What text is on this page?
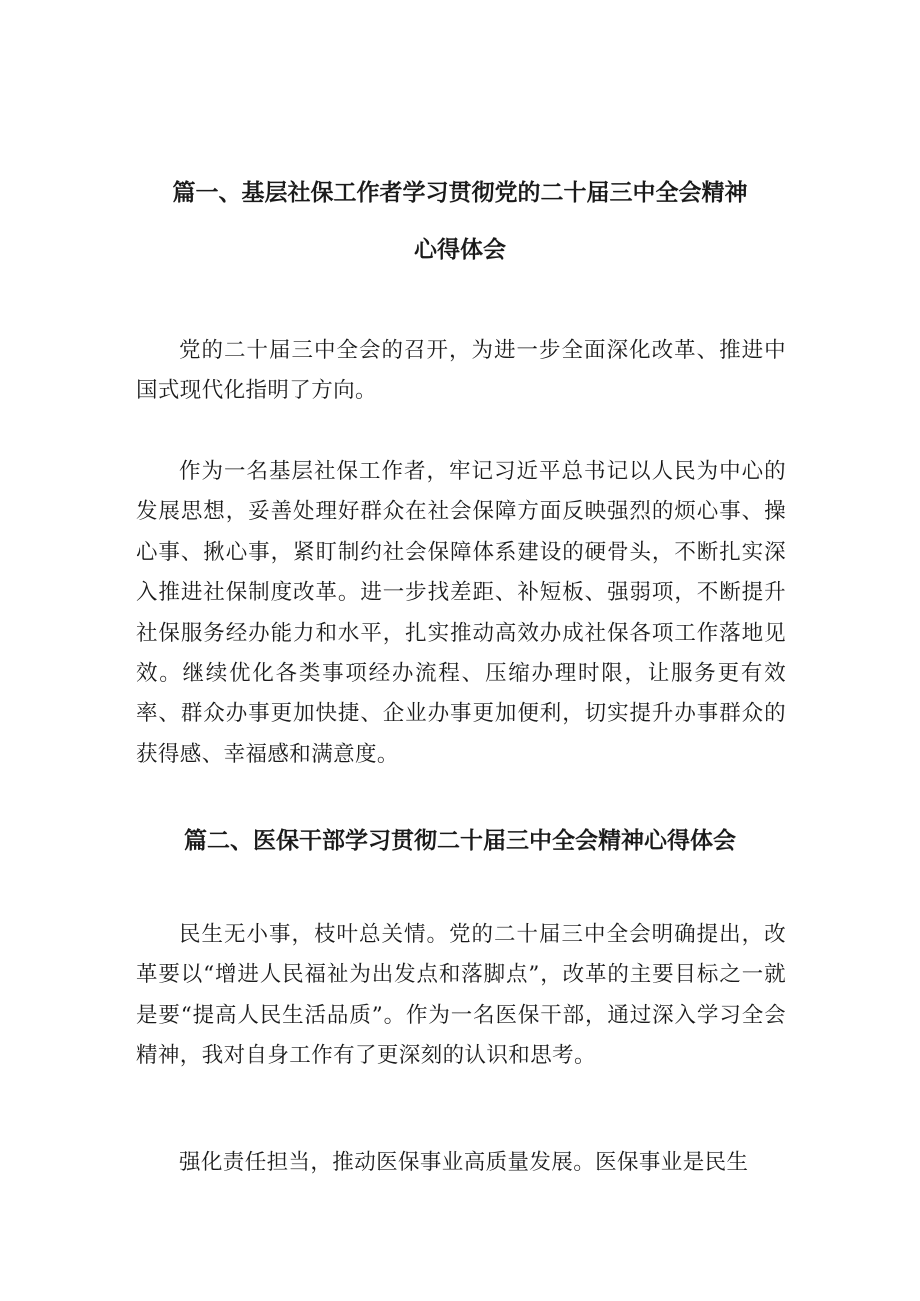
篇一、基层社保工作者学习贯彻党的二十届三中全会精神
心得体会

党的二十届三中全会的召开，为进一步全面深化改革、推进中国式现代化指明了方向。

作为一名基层社保工作者，牢记习近平总书记以人民为中心的发展思想，妥善处理好群众在社会保障方面反映强烈的烦心事、操心事、揪心事，紧盯制约社会保障体系建设的硬骨头，不断扎实深入推进社保制度改革。进一步找差距、补短板、强弱项，不断提升社保服务经办能力和水平，扎实推动高效办成社保各项工作落地见效。继续优化各类事项经办流程、压缩办理时限，让服务更有效率、群众办事更加快捷、企业办事更加便利，切实提升办事群众的获得感、幸福感和满意度。

篇二、医保干部学习贯彻二十届三中全会精神心得体会

民生无小事，枝叶总关情。党的二十届三中全会明确提出，改革要以“增进人民福祉为出发点和落脚点”，改革的主要目标之一就是要“提高人民生活品质”。作为一名医保干部，通过深入学习全会精神，我对自身工作有了更深刻的认识和思考。

强化责任担当，推动医保事业高质量发展。医保事业是民生
